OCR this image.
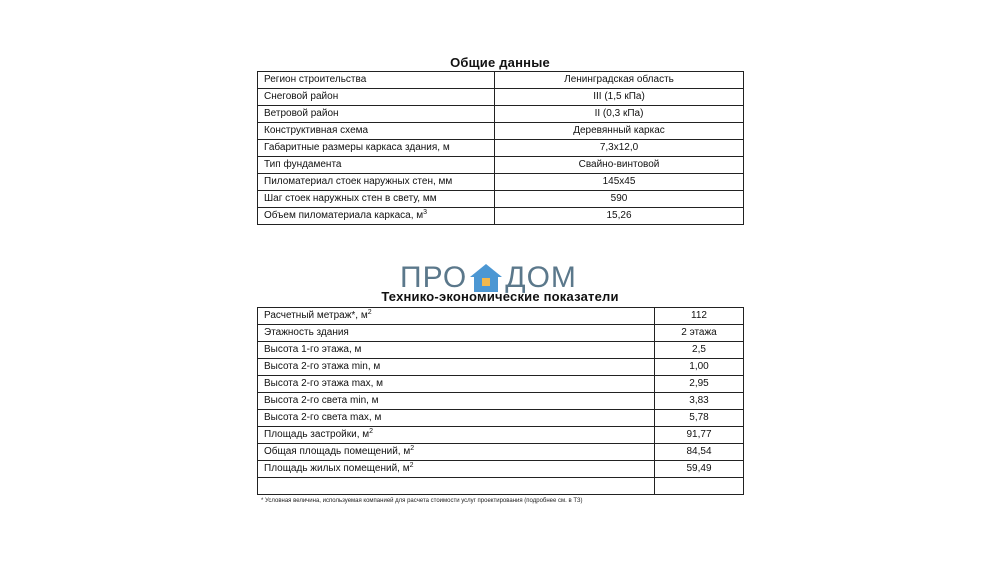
Общие данные
Регион строительства	Ленинградская область
Снеговой район	III (1,5 кПа)
Ветровой район	II (0,3 кПа)
Конструктивная схема	Деревянный каркас
Габаритные размеры каркаса здания, м	7,3x12,0
Тип фундамента	Свайно-винтовой
Пиломатериал стоек наружных стен, мм	145x45
Шаг стоек наружных стен в свету, мм	590
Объем пиломатериала каркаса, $м^3$	15,26
ПРО ДОМ
Технико-экономические показатели
Расчетный метраж*, $м^2$	112
Этажность здания	2 этажа
Высота 1-го этажа, м	2,5
Высота 2-го этажа min, м	1,00
Высота 2-го этажа max, м	2,95
Высота 2-го света min, м	3,83
Высота 2-го света max, м	5,78
Площадь застройки, $м^2$	91,77
Общая площадь помещений, $м^2$	84,54
Площадь жилых помещений, $м^2$	59,49

* Условная величина, используемая компанией для расчета стоимости услуг проектирования (подробнее см. в ТЗ)
